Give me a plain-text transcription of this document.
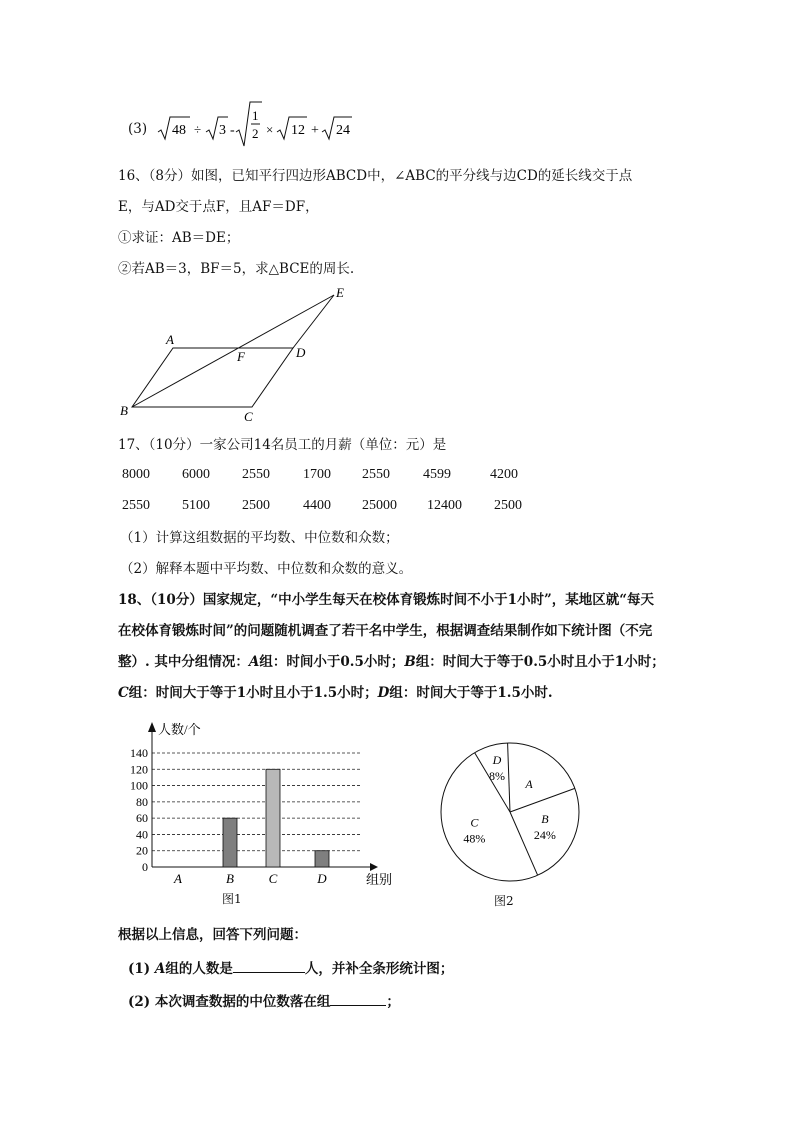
(3) 48 ÷ 3 -
1
2 × 12 + 24
16、（8分）如图，已知平行四边形ABCD中，∠ABC的平分线与边CD的延长线交于点
E，与AD交于点F，且AF＝DF，
①求证：AB＝DE；
②若AB＝3，BF＝5，求△BCE的周长.
A
B	C
D
E
F
17、（10分）一家公司14名员工的月薪（单位：元）是
8000 6000 2550 1700 2550 4599	4200
2550 5100 2500 4400 25000 12400 2500
（1）计算这组数据的平均数、中位数和众数；
（2）解释本题中平均数、中位数和众数的意义。
18、（10分）国家规定，“中小学生每天在校体育锻炼时间不小于1小时”，某地区就“每天
在校体育锻炼时间”的问题随机调查了若干名中学生，根据调查结果制作如下统计图（不完
整）. 其中分组情况：A组：时间小于0.5小时；B组：时间大于等于0.5小时且小于1小时；
C组：时间大于等于1小时且小于1.5小时；D组：时间大于等于1.5小时.
0
20
40
60
80
100
120
140
人数/个
组别
A	B	C	D
A
B
24%
C
48%
D
8%
图1	图2
根据以上信息，回答下列问题：
(1) A组的人数是	人，并补全条形统计图；
(2) 本次调查数据的中位数落在组	；
